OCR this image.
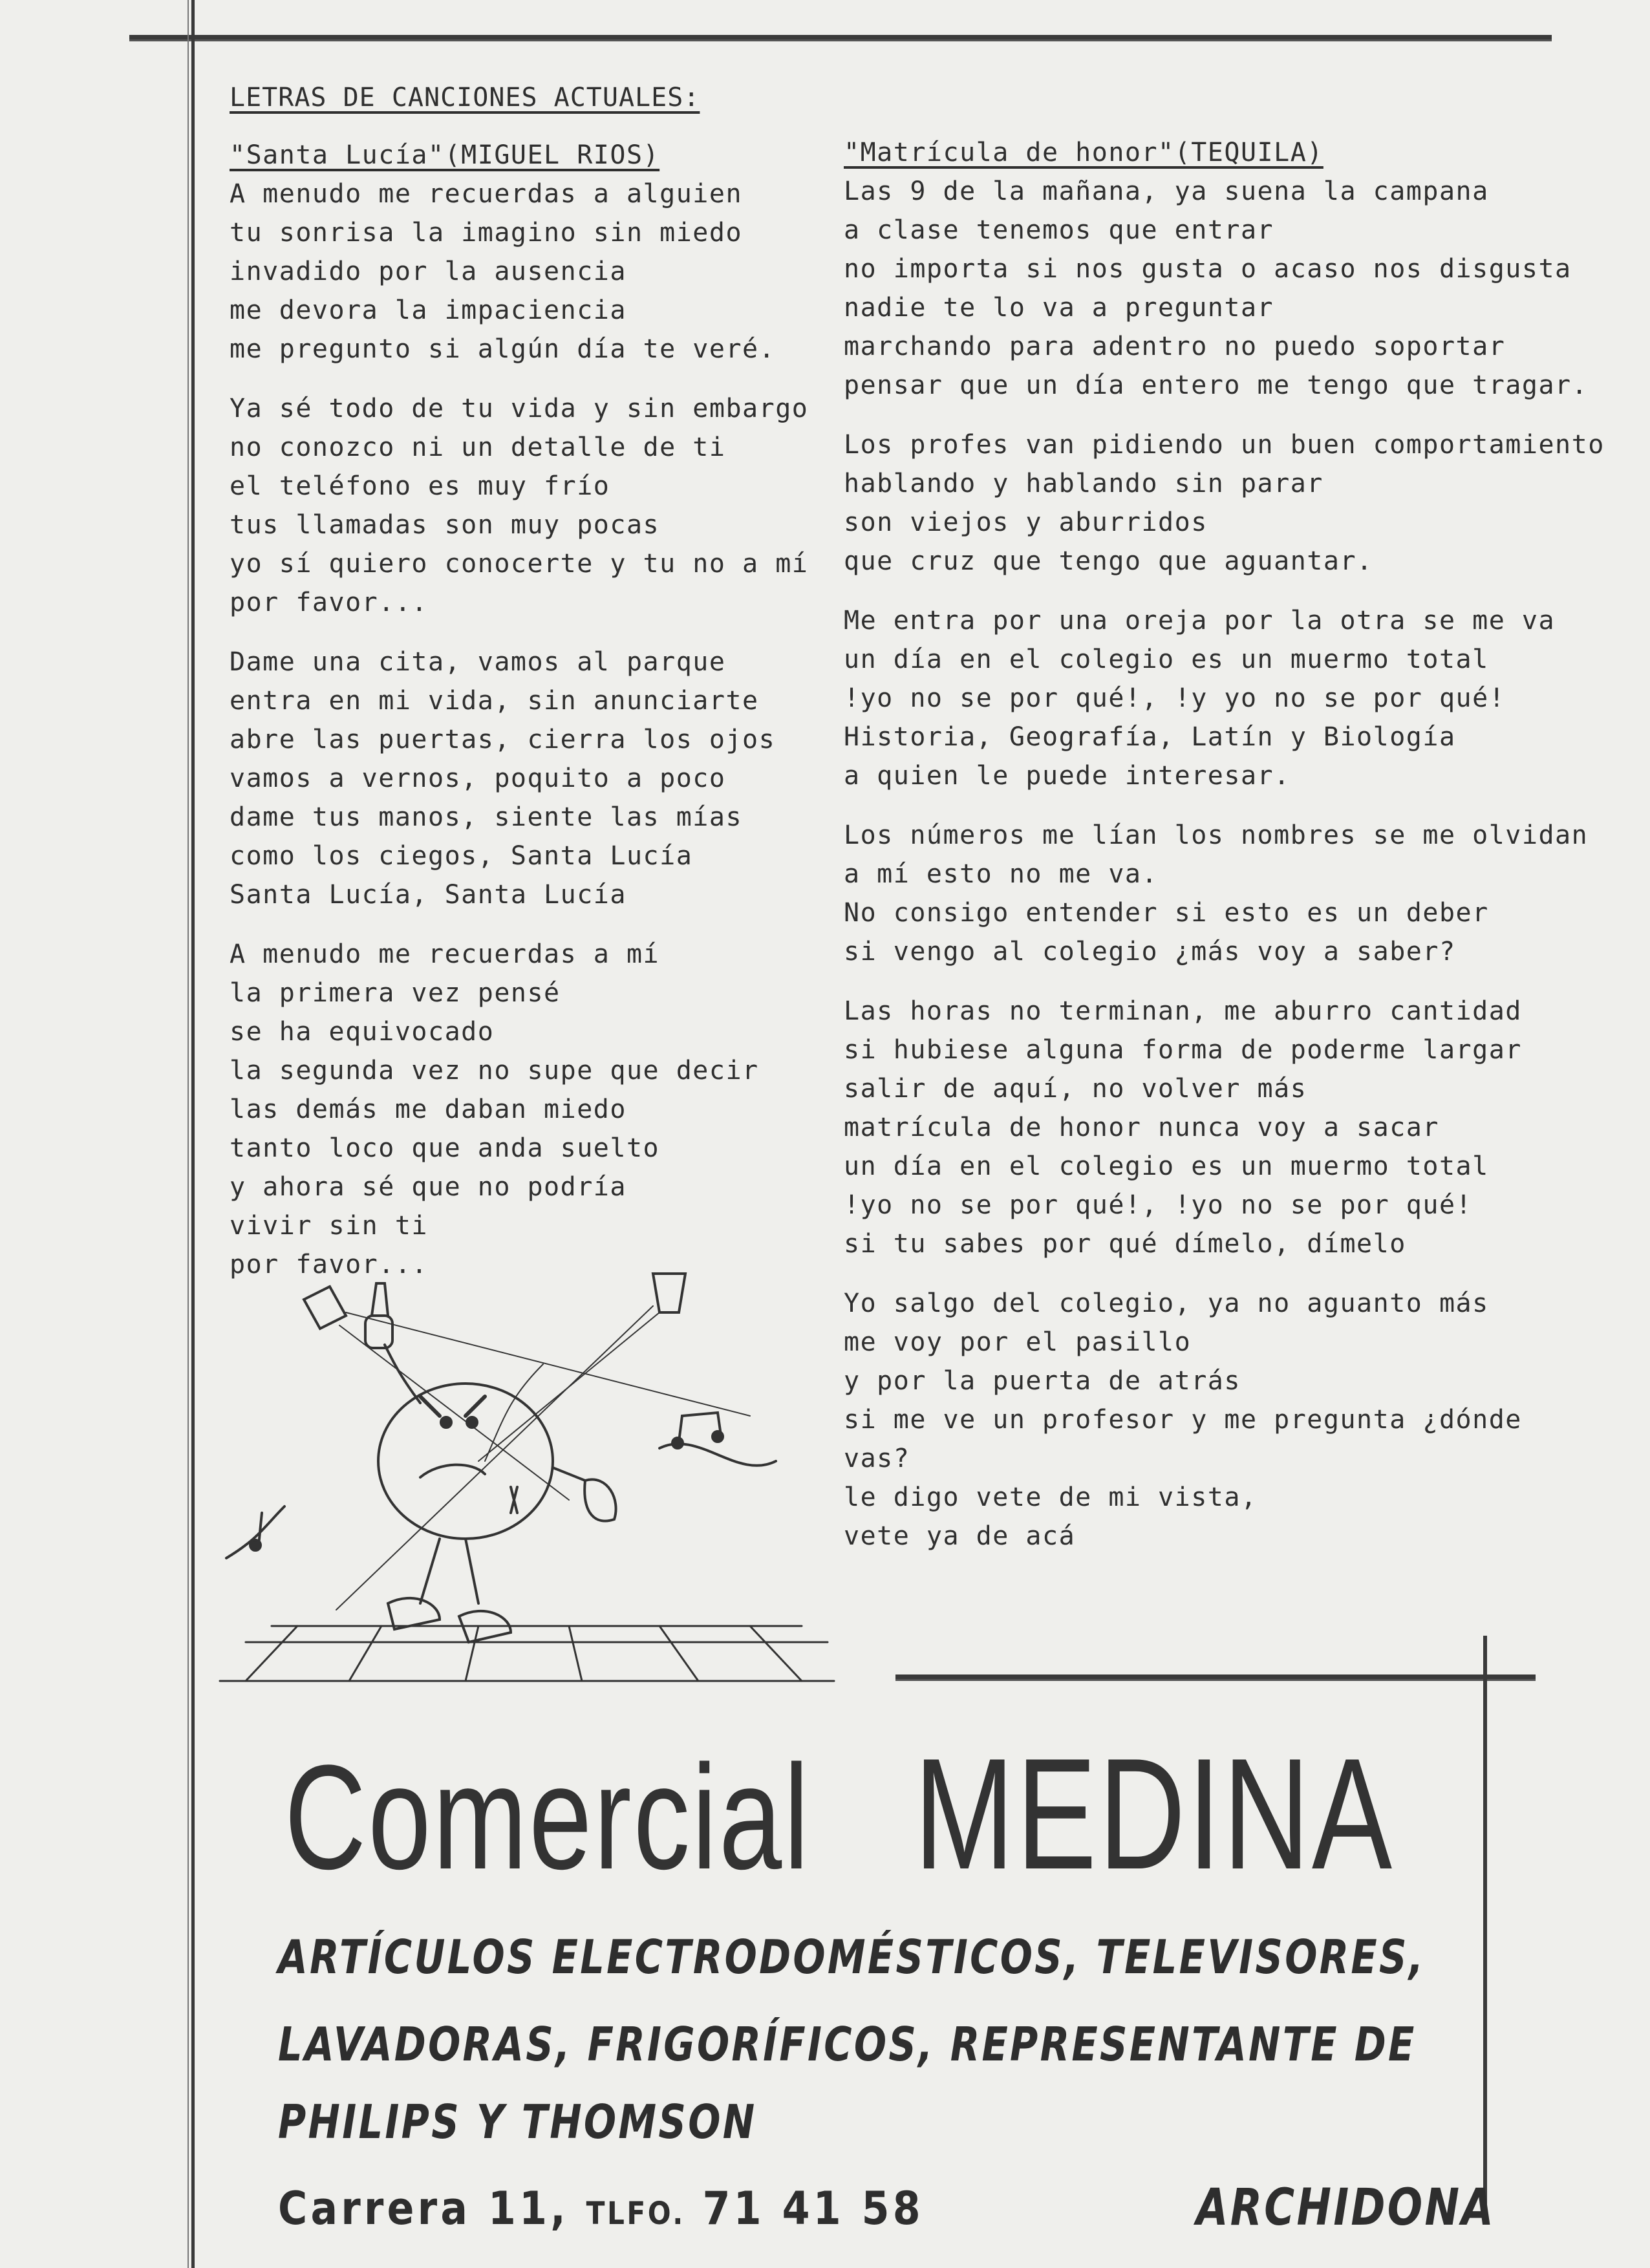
LETRAS DE CANCIONES ACTUALES:
"Santa Lucía"(MIGUEL RIOS)
A menudo me recuerdas a alguien
tu sonrisa la imagino sin miedo
invadido por la ausencia
me devora la impaciencia
me pregunto si algún día te veré.
Ya sé todo de tu vida y sin embargo
no conozco ni un detalle de ti
el teléfono es muy frío
tus llamadas son muy pocas
yo sí quiero conocerte y tu no a mí
por favor...
Dame una cita, vamos al parque
entra en mi vida, sin anunciarte
abre las puertas, cierra los ojos
vamos a vernos, poquito a poco
dame tus manos, siente las mías
como los ciegos, Santa Lucía
Santa Lucía, Santa Lucía
A menudo me recuerdas a mí
la primera vez pensé
se ha equivocado
la segunda vez no supe que decir
las demás me daban miedo
tanto loco que anda suelto
y ahora sé que no podría
vivir sin ti
por favor...
"Matrícula de honor"(TEQUILA)
Las 9 de la mañana, ya suena la campana
a clase tenemos que entrar
no importa si nos gusta o acaso nos disgusta
nadie te lo va a preguntar
marchando para adentro no puedo soportar
pensar que un día entero me tengo que tragar.
Los profes van pidiendo un buen comportamiento
hablando y hablando sin parar
son viejos y aburridos
que cruz que tengo que aguantar.
Me entra por una oreja por la otra se me va
un día en el colegio es un muermo total
!yo no se por qué!, !y yo no se por qué!
Historia, Geografía, Latín y Biología
a quien le puede interesar.
Los números me lían los nombres se me olvidan
a mí esto no me va.
No consigo entender si esto es un deber
si vengo al colegio ¿más voy a saber?
Las horas no terminan, me aburro cantidad
si hubiese alguna forma de poderme largar
salir de aquí, no volver más
matrícula de honor nunca voy a sacar
un día en el colegio es un muermo total
!yo no se por qué!, !yo no se por qué!
si tu sabes por qué dímelo, dímelo
Yo salgo del colegio, ya no aguanto más
me voy por el pasillo
y por la puerta de atrás
si me ve un profesor y me pregunta ¿dónde
vas?
le digo vete de mi vista,
vete ya de acá
Comercial MEDINA
ARTÍCULOS ELECTRODOMÉSTICOS, TELEVISORES,
LAVADORAS, FRIGORÍFICOS, REPRESENTANTE DE
PHILIPS Y THOMSON
Carrera 11, TLFO. 71 41 58	ARCHIDONA
